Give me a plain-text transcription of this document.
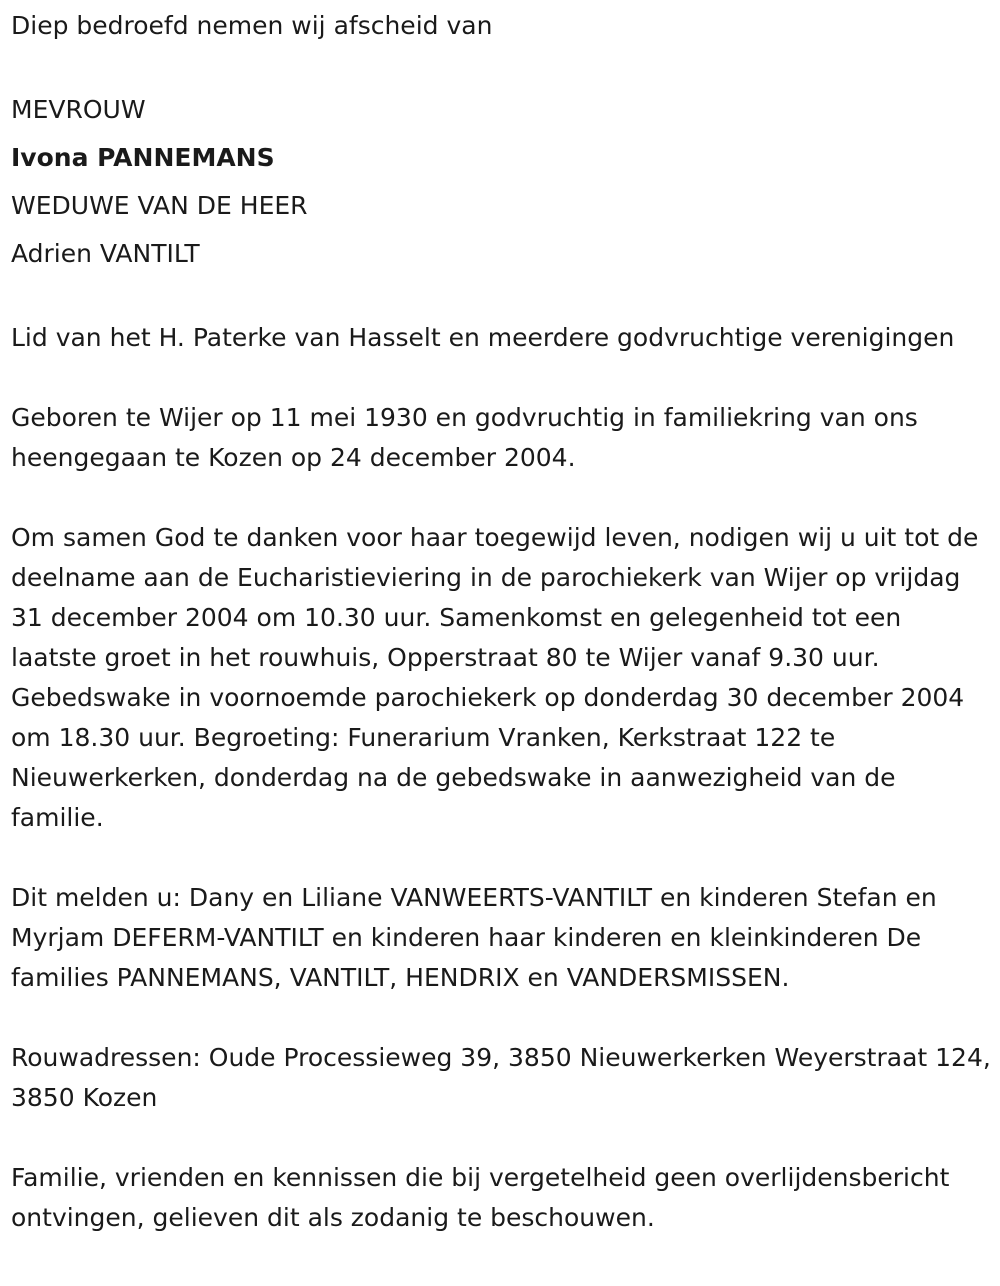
Diep bedroefd nemen wij afscheid van

MEVROUW

Ivona PANNEMANS

WEDUWE VAN DE HEER

Adrien VANTILT

Lid van het H. Paterke van Hasselt en meerdere godvruchtige verenigingen

Geboren te Wijer op 11 mei 1930 en godvruchtig in familiekring van ons heengegaan te Kozen op 24 december 2004.

Om samen God te danken voor haar toegewijd leven, nodigen wij u uit tot de deelname aan de Eucharistieviering in de parochiekerk van Wijer op vrijdag 31 december 2004 om 10.30 uur. Samenkomst en gelegenheid tot een laatste groet in het rouwhuis, Opperstraat 80 te Wijer vanaf 9.30 uur. Gebedswake in voornoemde parochiekerk op donderdag 30 december 2004 om 18.30 uur. Begroeting: Funerarium Vranken, Kerkstraat 122 te Nieuwerkerken, donderdag na de gebedswake in aanwezigheid van de familie.

Dit melden u: Dany en Liliane VANWEERTS-VANTILT en kinderen Stefan en Myrjam DEFERM-VANTILT en kinderen haar kinderen en kleinkinderen De families PANNEMANS, VANTILT, HENDRIX en VANDERSMISSEN.

Rouwadressen: Oude Processieweg 39, 3850 Nieuwerkerken Weyerstraat 124, 3850 Kozen

Familie, vrienden en kennissen die bij vergetelheid geen overlijdensbericht ontvingen, gelieven dit als zodanig te beschouwen.
